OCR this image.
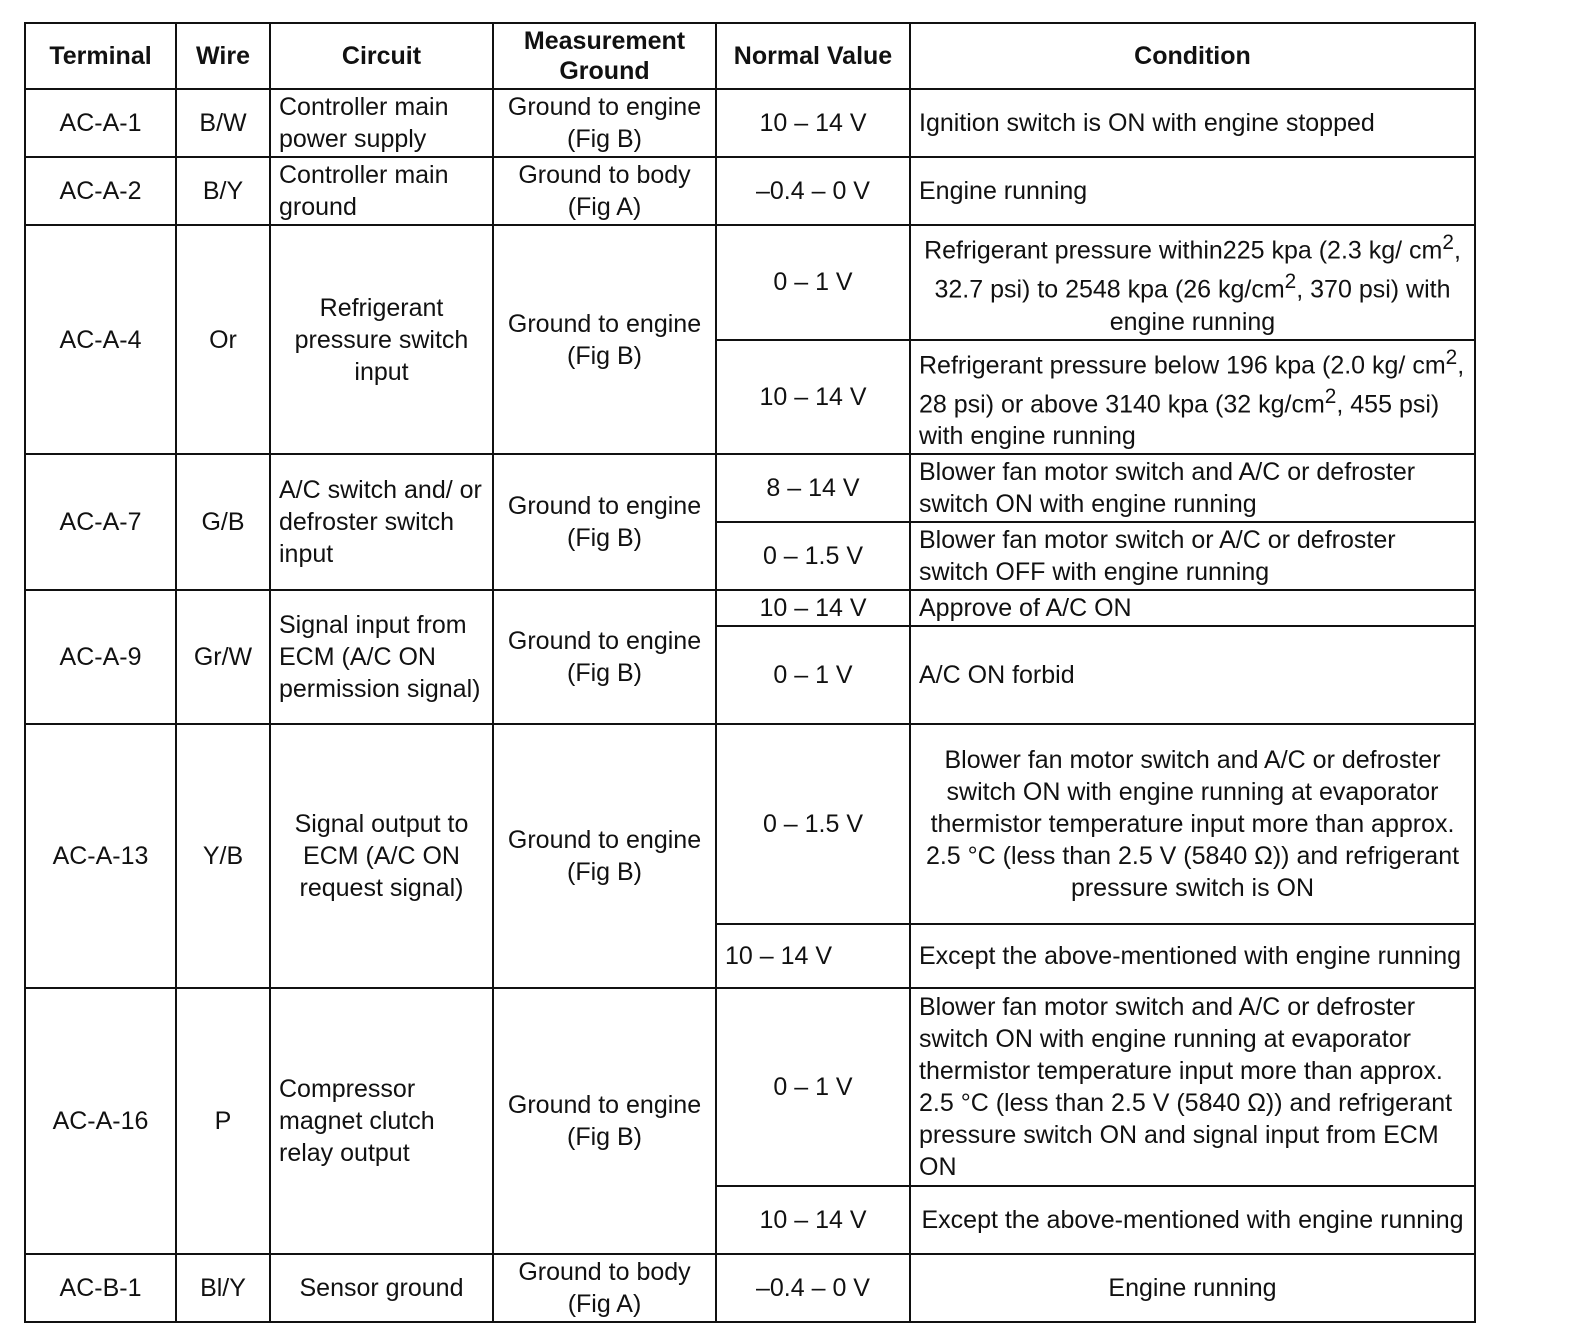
Terminal	Wire	Circuit	Measurement Ground	Normal Value	Condition
AC-A-1	B/W	Controller main power supply	Ground to engine (Fig B)	10 – 14 V	Ignition switch is ON with engine stopped
AC-A-2	B/Y	Controller main ground	Ground to body (Fig A)	–0.4 – 0 V	Engine running
AC-A-4	Or	Refrigerant pressure switch input	Ground to engine (Fig B)	0 – 1 V	Refrigerant pressure within225 kpa (2.3 kg/ $cm^2$, 32.7 psi) to 2548 kpa (26 $kg/cm^2$, 370 psi) with engine running
				10 – 14 V	Refrigerant pressure below 196 kpa (2.0 kg/ $cm^2$, 28 psi) or above 3140 kpa (32 $kg/cm^2$, 455 psi) with engine running
AC-A-7	G/B	A/C switch and/ or defroster switch input	Ground to engine (Fig B)	8 – 14 V	Blower fan motor switch and A/C or defroster switch ON with engine running
				0 – 1.5 V	Blower fan motor switch or A/C or defroster switch OFF with engine running
AC-A-9	Gr/W	Signal input from ECM (A/C ON permission signal)	Ground to engine (Fig B)	10 – 14 V	Approve of A/C ON
				0 – 1 V	A/C ON forbid
AC-A-13	Y/B	Signal output to ECM (A/C ON request signal)	Ground to engine (Fig B)	0 – 1.5 V	Blower fan motor switch and A/C or defroster switch ON with engine running at evaporator thermistor temperature input more than approx. 2.5 °C (less than 2.5 V (5840 Ω)) and refrigerant pressure switch is ON
				10 – 14 V	Except the above-mentioned with engine running
AC-A-16	P	Compressor magnet clutch relay output	Ground to engine (Fig B)	0 – 1 V	Blower fan motor switch and A/C or defroster switch ON with engine running at evaporator thermistor temperature input more than approx. 2.5 °C (less than 2.5 V (5840 Ω)) and refrigerant pressure switch ON and signal input from ECM ON
				10 – 14 V	Except the above-mentioned with engine running
AC-B-1	Bl/Y	Sensor ground	Ground to body (Fig A)	–0.4 – 0 V	Engine running
